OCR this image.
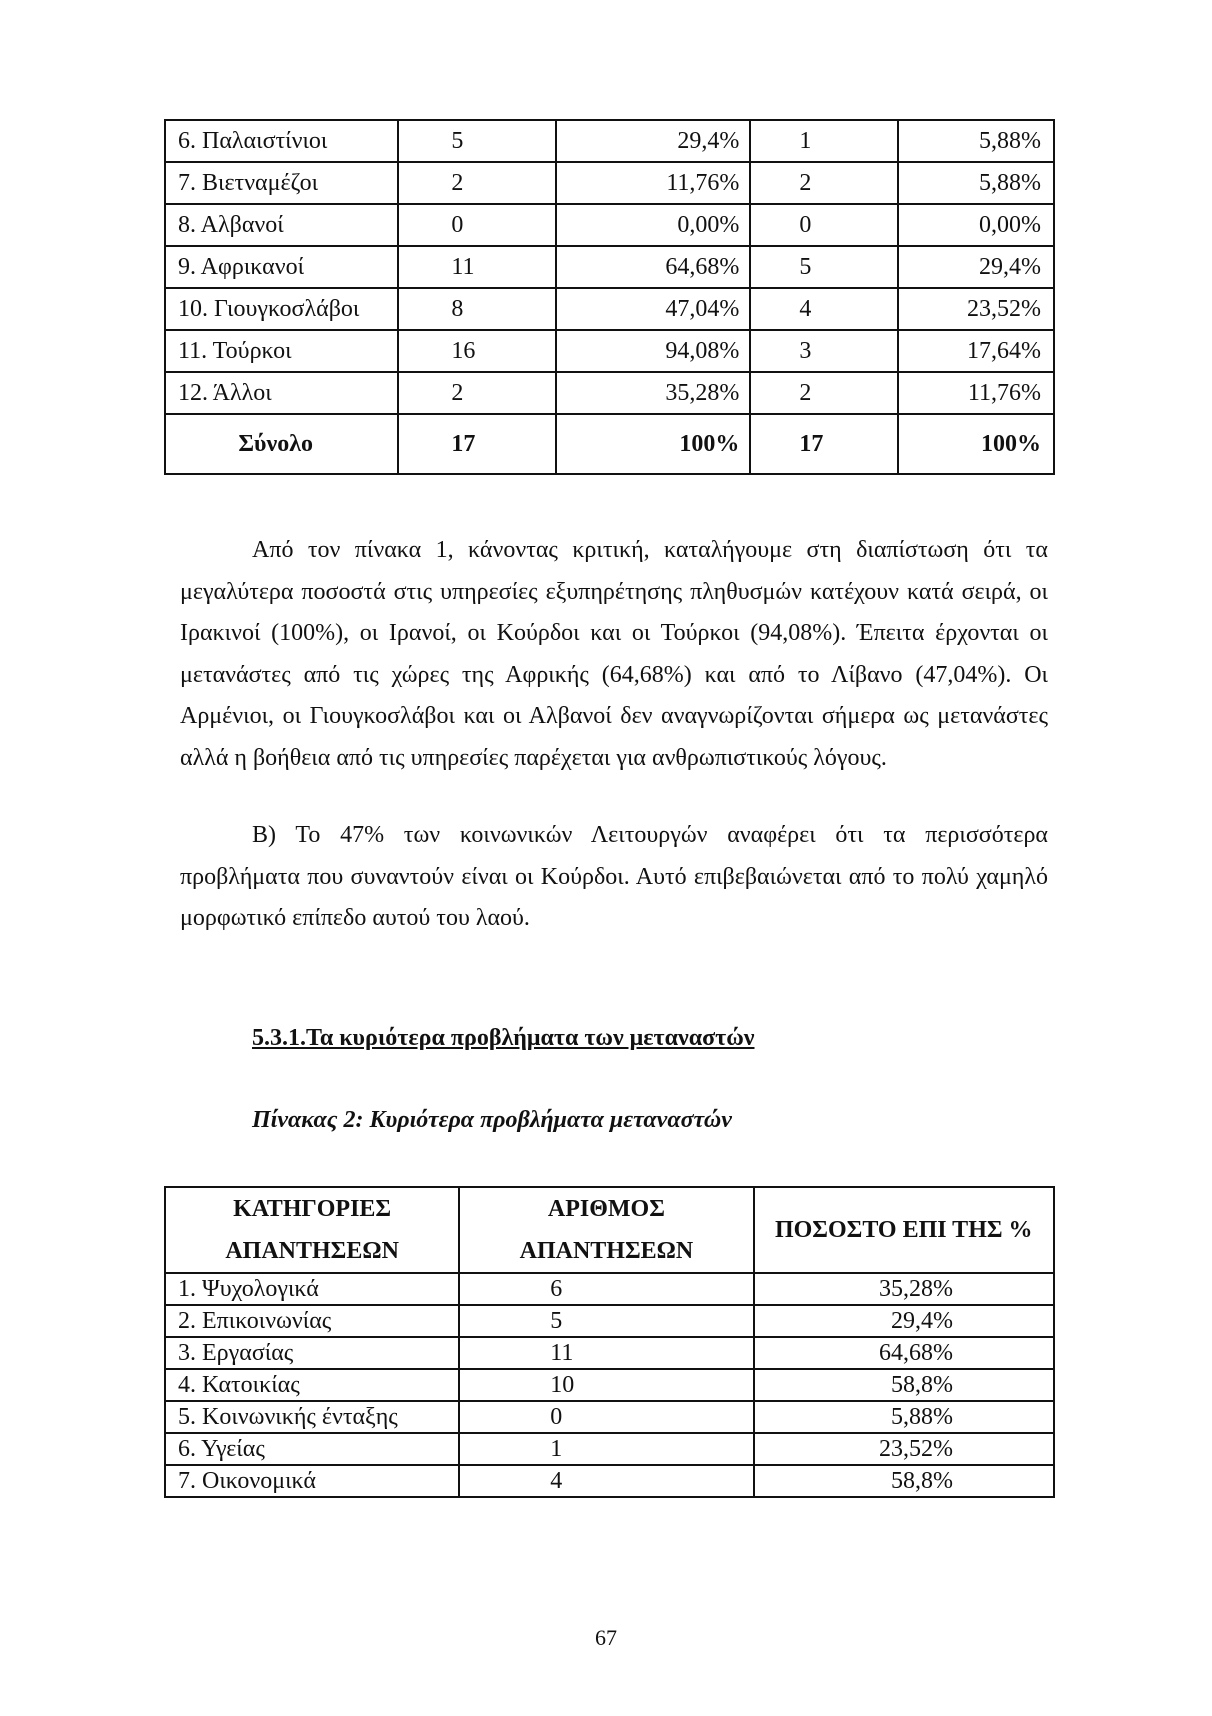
6. Παλαιστίνιοι	5	29,4%	1	5,88%
7. Βιετναμέζοι	2	11,76%	2	5,88%
8. Αλβανοί	0	0,00%	0	0,00%
9. Αφρικανοί	11	64,68%	5	29,4%
10. Γιουγκοσλάβοι	8	47,04%	4	23,52%
11. Τούρκοι	16	94,08%	3	17,64%
12. Άλλοι	2	35,28%	2	11,76%
Σύνολο	17	100%	17	100%

Από τον πίνακα 1, κάνοντας κριτική, καταλήγουμε στη διαπίστωση ότι τα μεγαλύτερα ποσοστά στις υπηρεσίες εξυπηρέτησης πληθυσμών κατέχουν κατά σειρά, οι Ιρακινοί (100%), οι Ιρανοί, οι Κούρδοι και οι Τούρκοι (94,08%). Έπειτα έρχονται οι μετανάστες από τις χώρες της Αφρικής (64,68%) και από το Λίβανο (47,04%). Οι Αρμένιοι, οι Γιουγκοσλάβοι και οι Αλβανοί δεν αναγνωρίζονται σήμερα ως μετανάστες αλλά η βοήθεια από τις υπηρεσίες παρέχεται για ανθρωπιστικούς λόγους.

Β) Το 47% των κοινωνικών Λειτουργών αναφέρει ότι τα περισσότερα προβλήματα που συναντούν είναι οι Κούρδοι. Αυτό επιβεβαιώνεται από το πολύ χαμηλό μορφωτικό επίπεδο αυτού του λαού.

5.3.1.Τα κυριότερα προβλήματα των μεταναστών

Πίνακας 2: Κυριότερα προβλήματα μεταναστών

ΚΑΤΗΓΟΡΙΕΣ ΑΠΑΝΤΗΣΕΩΝ	ΑΡΙΘΜΟΣ ΑΠΑΝΤΗΣΕΩΝ	ΠΟΣΟΣΤΟ ΕΠΙ ΤΗΣ %
1. Ψυχολογικά	6	35,28%
2. Επικοινωνίας	5	29,4%
3. Εργασίας	11	64,68%
4. Κατοικίας	10	58,8%
5. Κοινωνικής ένταξης	0	5,88%
6. Υγείας	1	23,52%
7. Οικονομικά	4	58,8%

67
